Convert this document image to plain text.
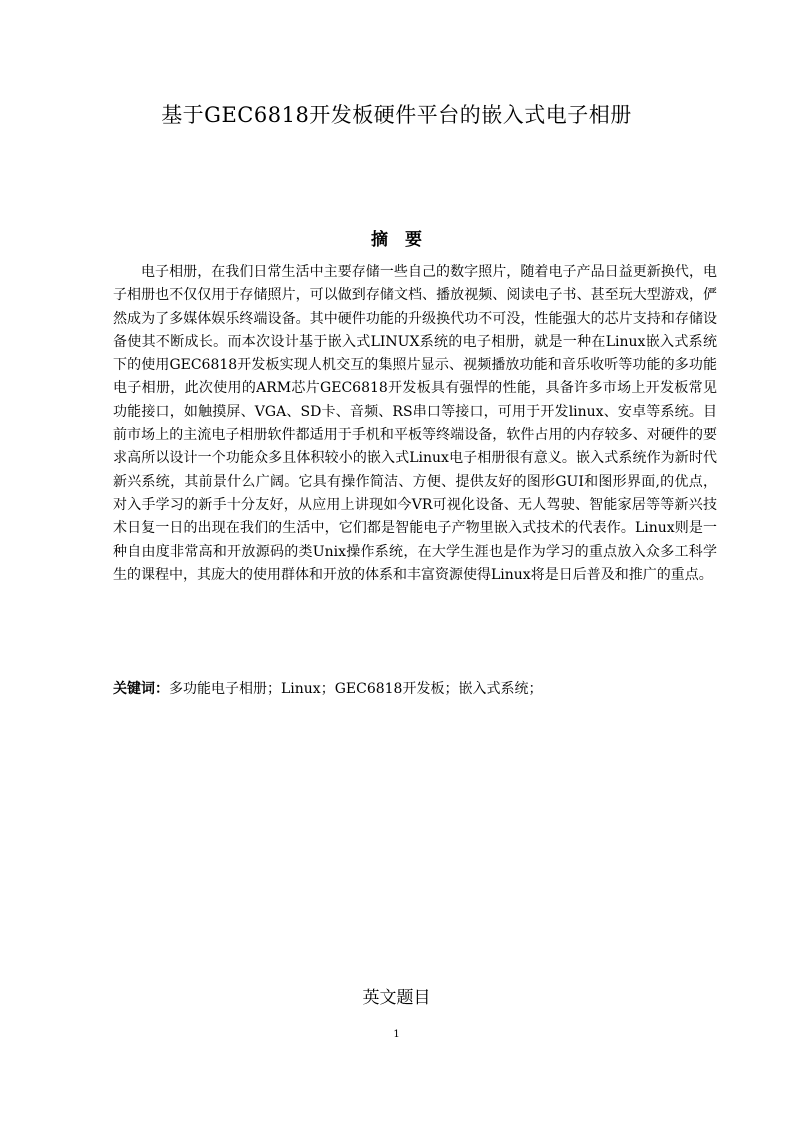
基于GEC6818开发板硬件平台的嵌入式电子相册
摘　要

电子相册，在我们日常生活中主要存储一些自己的数字照片，随着电子产品日益更新换代，电子相册也不仅仅用于存储照片，可以做到存储文档、播放视频、阅读电子书、甚至玩大型游戏，俨然成为了多媒体娱乐终端设备。其中硬件功能的升级换代功不可没，性能强大的芯片支持和存储设备使其不断成长。而本次设计基于嵌入式LINUX系统的电子相册，就是一种在Linux嵌入式系统下的使用GEC6818开发板实现人机交互的集照片显示、视频播放功能和音乐收听等功能的多功能电子相册，此次使用的ARM芯片GEC6818开发板具有强悍的性能，具备许多市场上开发板常见功能接口，如触摸屏、VGA、SD卡、音频、RS串口等接口，可用于开发linux、安卓等系统。目前市场上的主流电子相册软件都适用于手机和平板等终端设备，软件占用的内存较多、对硬件的要求高所以设计一个功能众多且体积较小的嵌入式Linux电子相册很有意义。嵌入式系统作为新时代新兴系统，其前景什么广阔。它具有操作简洁、方便、提供友好的图形GUI和图形界面,的优点，对入手学习的新手十分友好，从应用上讲现如今VR可视化设备、无人驾驶、智能家居等等新兴技术日复一日的出现在我们的生活中，它们都是智能电子产物里嵌入式技术的代表作。Linux则是一种自由度非常高和开放源码的类Unix操作系统，在大学生涯也是作为学习的重点放入众多工科学生的课程中，其庞大的使用群体和开放的体系和丰富资源使得Linux将是日后普及和推广的重点。

关键词：多功能电子相册；Linux；GEC6818开发板；嵌入式系统；
英文题目
1
